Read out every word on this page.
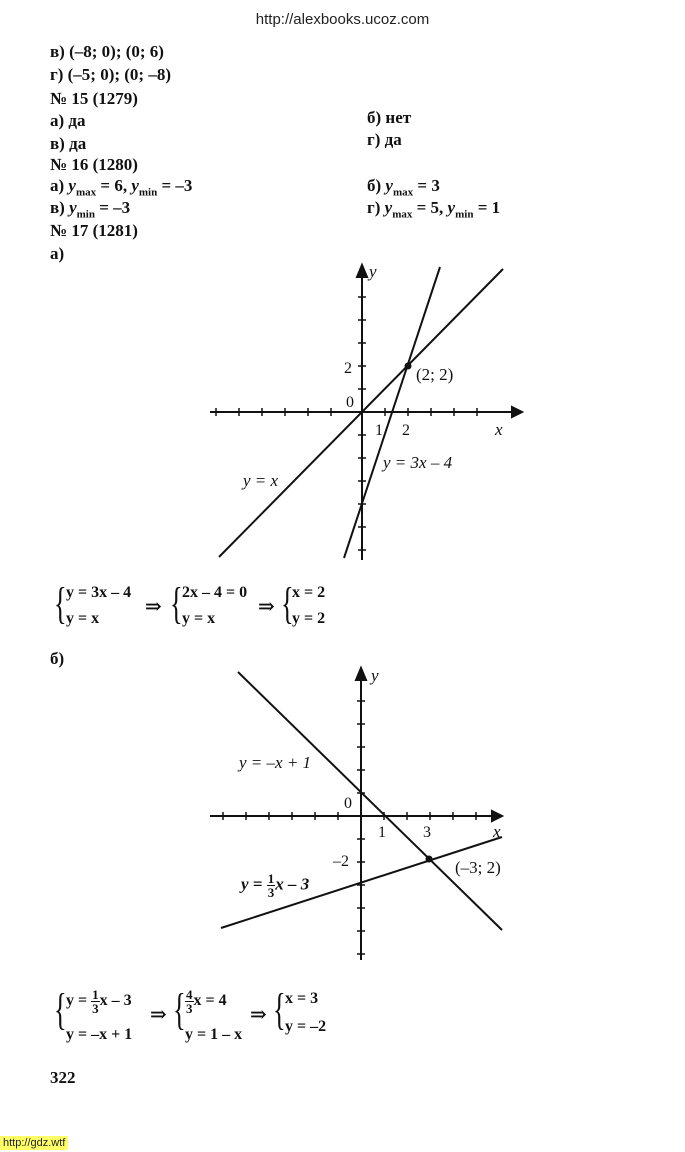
http://alexbooks.ucoz.com
в) (–8; 0); (0; 6)
г) (–5; 0); (0; –8)
№ 15 (1279)
а) да	б) нет
в) да	г) да
№ 16 (1280)
а) $y_{max} = 6$, $y_{min} = -3$	б) $y_{max} = 3$
в) $y_{min} = -3$	г) $y_{max} = 5$, $y_{min} = 1$
№ 17 (1281)
а)
y
x
0
1 2
2	(2; 2)
y = x
y = 3x – 4
{ y = 3x – 4
y = x
⇒ { 2x – 4 = 0
y = x
⇒ {
x = 2
y = 2
б)
y
x
0
1 3
–2	(–3; 2)
y = –x + 1
$y = \frac{1}{3}$ x – 3
{ $y = \frac{1}{3}$ x – 3
y = –x + 1
⇒ { $\frac{4}{3}$ x = 4
y = 1 – x
⇒ { x = 3
y = –2
322
http://gdz.wtf
